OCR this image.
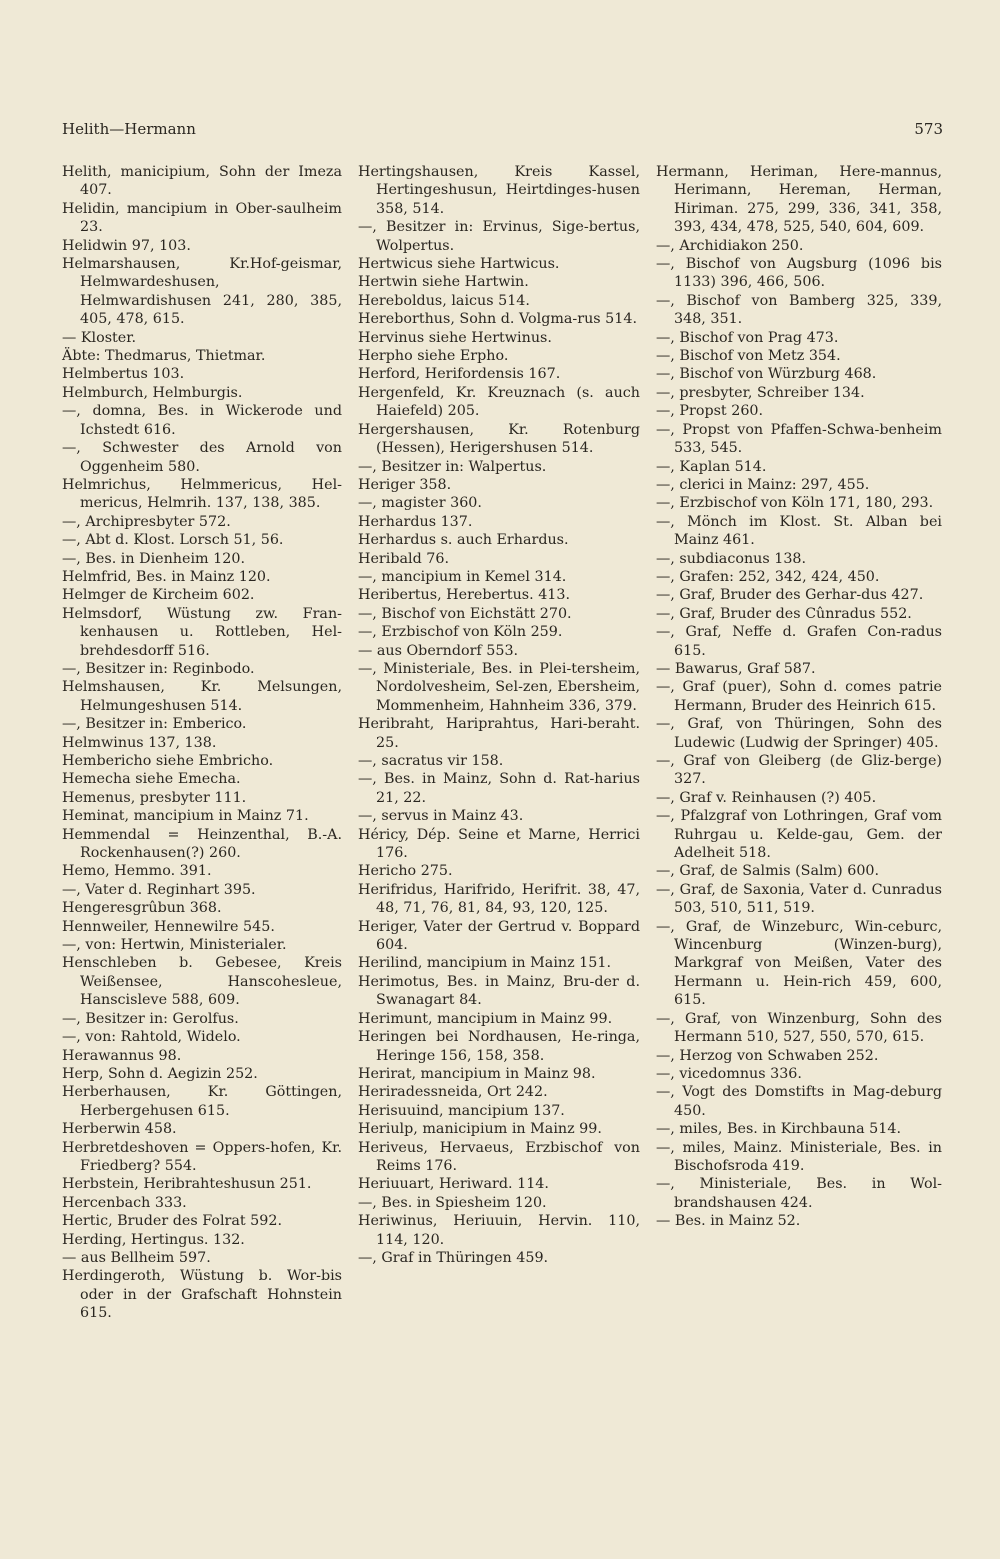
Helith—Hermann	573
Helith, manicipium, Sohn der Imeza 407.
Helidin, mancipium in Ober-saulheim 23.
Helidwin 97, 103.
Helmarshausen, Kr.Hof-geismar, Helmwardeshusen, Helmwardishusen 241, 280, 385, 405, 478, 615.
— Kloster.
Äbte: Thedmarus, Thietmar.
Helmbertus 103.
Helmburch, Helmburgis.
—, domna, Bes. in Wickerode und Ichstedt 616.
—, Schwester des Arnold von Oggenheim 580.
Helmrichus, Helmmericus, Hel-mericus, Helmrih. 137, 138, 385.
—, Archipresbyter 572.
—, Abt d. Klost. Lorsch 51, 56.
—, Bes. in Dienheim 120.
Helmfrid, Bes. in Mainz 120.
Helmger de Kircheim 602.
Helmsdorf, Wüstung zw. Fran-kenhausen u. Rottleben, Hel-brehdesdorff 516.
—, Besitzer in: Reginbodo.
Helmshausen, Kr. Melsungen, Helmungeshusen 514.
—, Besitzer in: Emberico.
Helmwinus 137, 138.
Hembericho siehe Embricho.
Hemecha siehe Emecha.
Hemenus, presbyter 111.
Heminat, mancipium in Mainz 71.
Hemmendal = Heinzenthal, B.-A. Rockenhausen(?) 260.
Hemo, Hemmo. 391.
—, Vater d. Reginhart 395.
Hengeresgrûbun 368.
Hennweiler, Hennewilre 545.
—, von: Hertwin, Ministerialer.
Henschleben b. Gebesee, Kreis Weißensee, Hanscohesleue, Hanscisleve 588, 609.
—, Besitzer in: Gerolfus.
—, von: Rahtold, Widelo.
Herawannus 98.
Herp, Sohn d. Aegizin 252.
Herberhausen, Kr. Göttingen, Herbergehusen 615.
Herberwin 458.
Herbretdeshoven = Oppers-hofen, Kr. Friedberg? 554.
Herbstein, Heribrahteshusun 251.
Hercenbach 333.
Hertic, Bruder des Folrat 592.
Herding, Hertingus. 132.
— aus Bellheim 597.
Herdingeroth, Wüstung b. Wor-bis oder in der Grafschaft Hohnstein 615.
Hertingshausen, Kreis Kassel, Hertingeshusun, Heirtdinges-husen 358, 514.
—, Besitzer in: Ervinus, Sige-bertus, Wolpertus.
Hertwicus siehe Hartwicus.
Hertwin siehe Hartwin.
Hereboldus, laicus 514.
Hereborthus, Sohn d. Volgma-rus 514.
Hervinus siehe Hertwinus.
Herpho siehe Erpho.
Herford, Herifordensis 167.
Hergenfeld, Kr. Kreuznach (s. auch Haiefeld) 205.
Hergershausen, Kr. Rotenburg (Hessen), Herigershusen 514.
—, Besitzer in: Walpertus.
Heriger 358.
—, magister 360.
Herhardus 137.
Herhardus s. auch Erhardus.
Heribald 76.
—, mancipium in Kemel 314.
Heribertus, Herebertus. 413.
—, Bischof von Eichstätt 270.
—, Erzbischof von Köln 259.
— aus Oberndorf 553.
—, Ministeriale, Bes. in Plei-tersheim, Nordolvesheim, Sel-zen, Ebersheim, Mommenheim, Hahnheim 336, 379.
Heribraht, Hariprahtus, Hari-beraht. 25.
—, sacratus vir 158.
—, Bes. in Mainz, Sohn d. Rat-harius 21, 22.
—, servus in Mainz 43.
Héricy, Dép. Seine et Marne, Herrici 176.
Hericho 275.
Herifridus, Harifrido, Herifrit. 38, 47, 48, 71, 76, 81, 84, 93, 120, 125.
Heriger, Vater der Gertrud v. Boppard 604.
Herilind, mancipium in Mainz 151.
Herimotus, Bes. in Mainz, Bru-der d. Swanagart 84.
Herimunt, mancipium in Mainz 99.
Heringen bei Nordhausen, He-ringa, Heringe 156, 158, 358.
Herirat, mancipium in Mainz 98.
Heriradessneida, Ort 242.
Herisuuind, mancipium 137.
Heriulp, manicipium in Mainz 99.
Heriveus, Hervaeus, Erzbischof von Reims 176.
Heriuuart, Heriward. 114.
—, Bes. in Spiesheim 120.
Heriwinus, Heriuuin, Hervin. 110, 114, 120.
—, Graf in Thüringen 459.
Hermann, Heriman, Here-mannus, Herimann, Hereman, Herman, Hiriman. 275, 299, 336, 341, 358, 393, 434, 478, 525, 540, 604, 609.
—, Archidiakon 250.
—, Bischof von Augsburg (1096 bis 1133) 396, 466, 506.
—, Bischof von Bamberg 325, 339, 348, 351.
—, Bischof von Prag 473.
—, Bischof von Metz 354.
—, Bischof von Würzburg 468.
—, presbyter, Schreiber 134.
—, Propst 260.
—, Propst von Pfaffen-Schwa-benheim 533, 545.
—, Kaplan 514.
—, clerici in Mainz: 297, 455.
—, Erzbischof von Köln 171, 180, 293.
—, Mönch im Klost. St. Alban bei Mainz 461.
—, subdiaconus 138.
—, Grafen: 252, 342, 424, 450.
—, Graf, Bruder des Gerhar-dus 427.
—, Graf, Bruder des Cûnradus 552.
—, Graf, Neffe d. Grafen Con-radus 615.
— Bawarus, Graf 587.
—, Graf (puer), Sohn d. comes patrie Hermann, Bruder des Heinrich 615.
—, Graf, von Thüringen, Sohn des Ludewic (Ludwig der Springer) 405.
—, Graf von Gleiberg (de Gliz-berge) 327.
—, Graf v. Reinhausen (?) 405.
—, Pfalzgraf von Lothringen, Graf vom Ruhrgau u. Kelde-gau, Gem. der Adelheit 518.
—, Graf, de Salmis (Salm) 600.
—, Graf, de Saxonia, Vater d. Cunradus 503, 510, 511, 519.
—, Graf, de Winzeburc, Win-ceburc, Wincenburg (Winzen-burg), Markgraf von Meißen, Vater des Hermann u. Hein-rich 459, 600, 615.
—, Graf, von Winzenburg, Sohn des Hermann 510, 527, 550, 570, 615.
—, Herzog von Schwaben 252.
—, vicedomnus 336.
—, Vogt des Domstifts in Mag-deburg 450.
—, miles, Bes. in Kirchbauna 514.
—, miles, Mainz. Ministeriale, Bes. in Bischofsroda 419.
—, Ministeriale, Bes. in Wol-brandshausen 424.
— Bes. in Mainz 52.
